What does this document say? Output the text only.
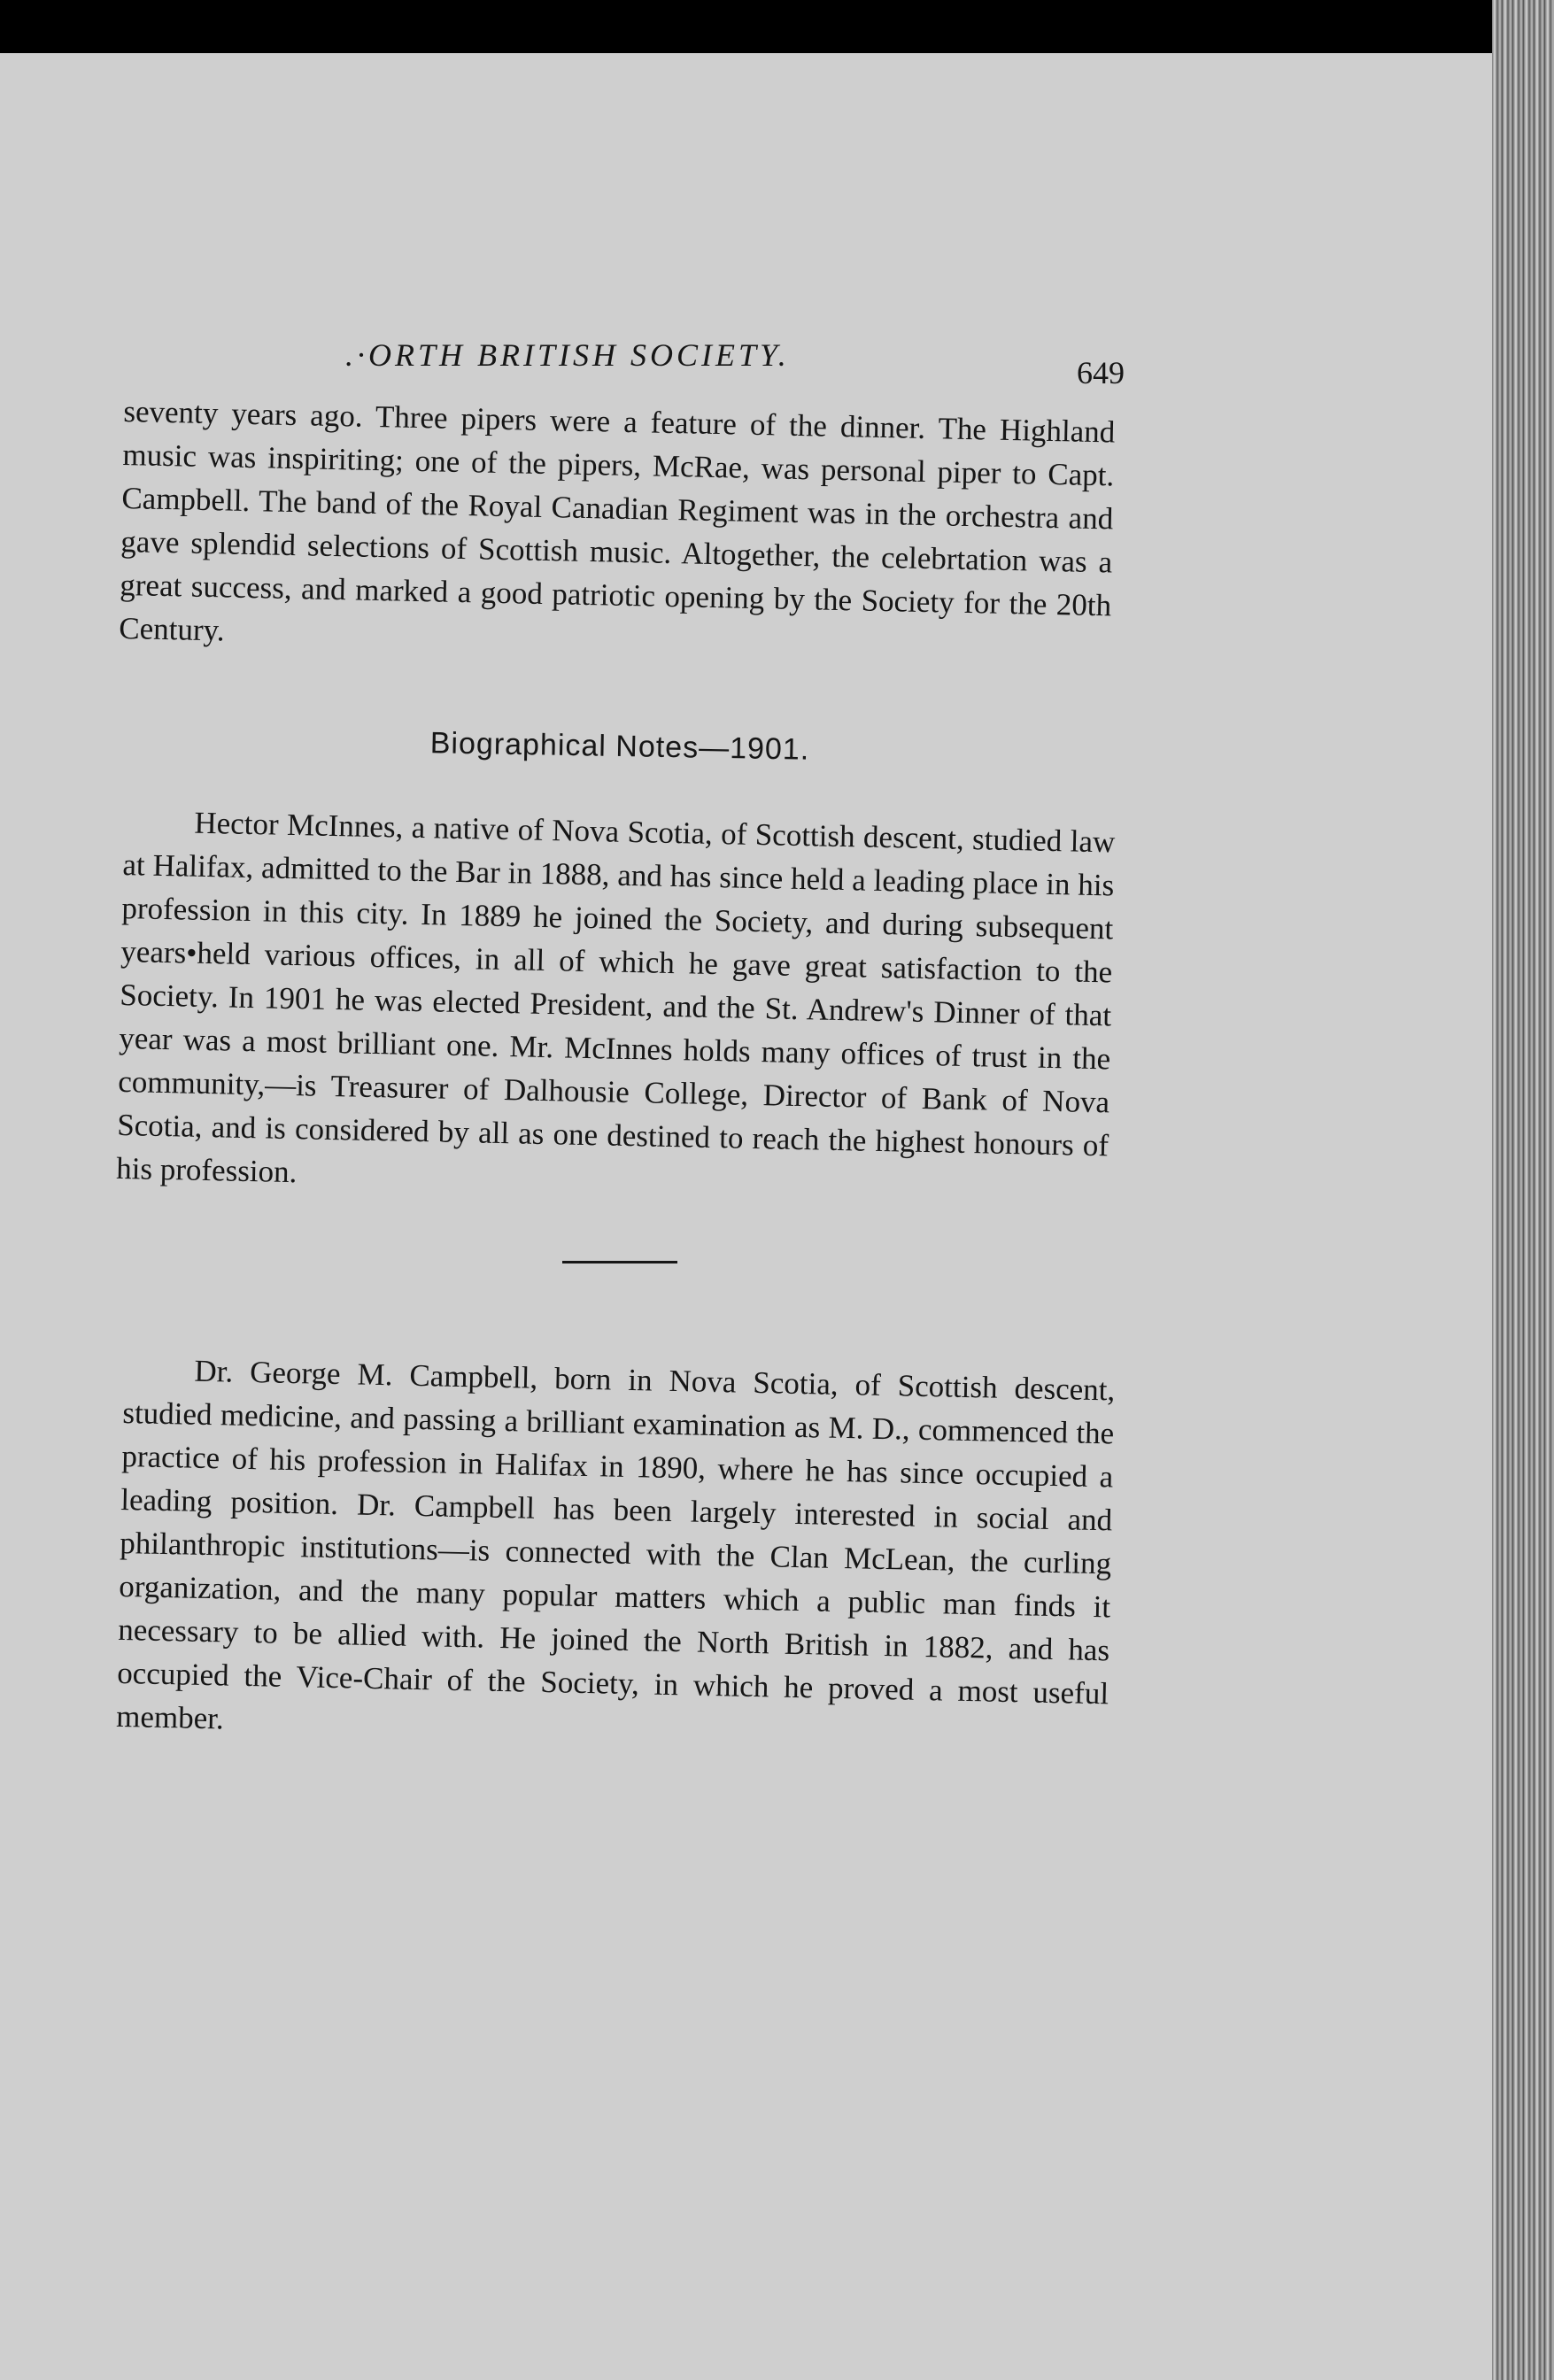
.·ORTH BRITISH SOCIETY.	649

seventy years ago. Three pipers were a feature of the dinner. The Highland music was inspiriting; one of the pipers, McRae, was personal piper to Capt. Campbell. The band of the Royal Canadian Regiment was in the orchestra and gave splendid selections of Scottish music. Altogether, the celebrtation was a great success, and marked a good patriotic opening by the Society for the 20th Century.

Biographical Notes—1901.

Hector McInnes, a native of Nova Scotia, of Scottish descent, studied law at Halifax, admitted to the Bar in 1888, and has since held a leading place in his profession in this city. In 1889 he joined the Society, and during subsequent years•held various offices, in all of which he gave great satisfaction to the Society. In 1901 he was elected President, and the St. Andrew's Dinner of that year was a most brilliant one. Mr. McInnes holds many offices of trust in the community,—is Treasurer of Dalhousie College, Director of Bank of Nova Scotia, and is considered by all as one destined to reach the highest honours of his profession.

Dr. George M. Campbell, born in Nova Scotia, of Scottish descent, studied medicine, and passing a brilliant examination as M. D., commenced the practice of his profession in Halifax in 1890, where he has since occupied a leading position. Dr. Campbell has been largely interested in social and philanthropic institutions—is connected with the Clan McLean, the curling organization, and the many popular matters which a public man finds it necessary to be allied with. He joined the North British in 1882, and has occupied the Vice-Chair of the Society, in which he proved a most useful member.
